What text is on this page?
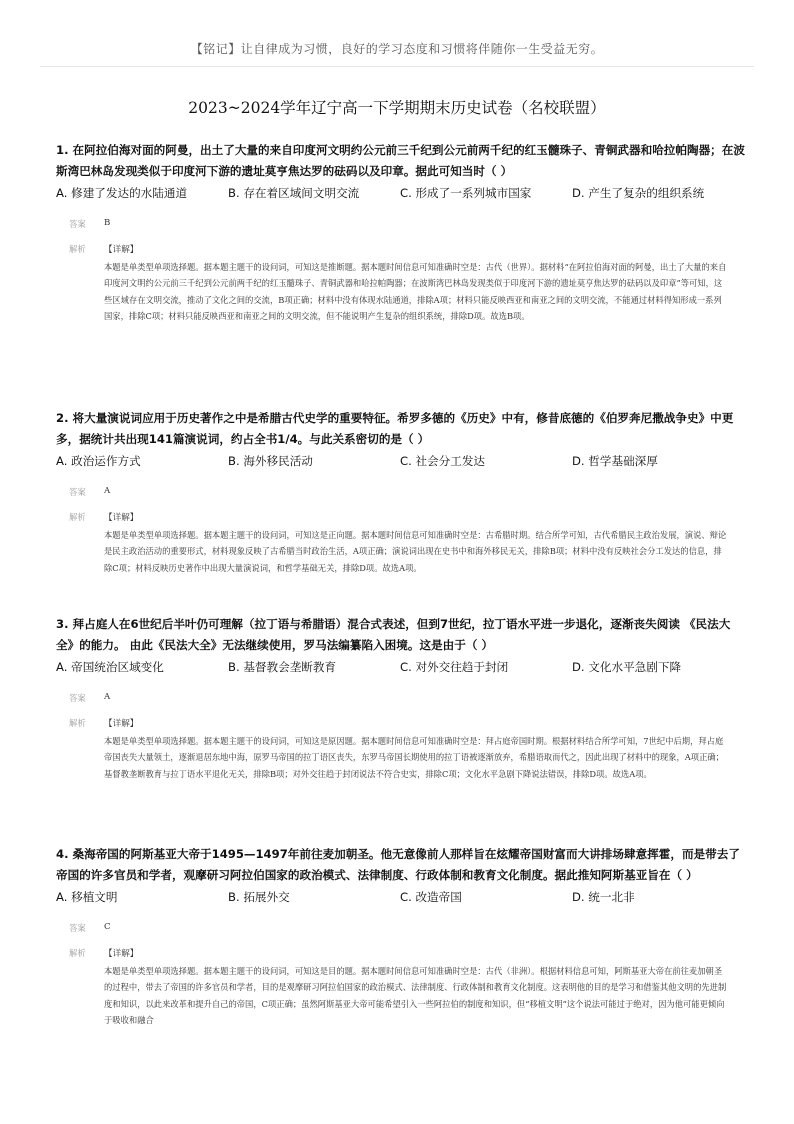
【铭记】让自律成为习惯，良好的学习态度和习惯将伴随你一生受益无穷。
2023~2024学年辽宁高一下学期期末历史试卷（名校联盟）
1. 在阿拉伯海对面的阿曼，出土了大量的来自印度河文明约公元前三千纪到公元前两千纪的红玉髓珠子、青铜武器和哈拉帕陶器；在波斯湾巴林岛发现类似于印度河下游的遗址莫亨焦达罗的砝码以及印章。据此可知当时（ ）
A. 修建了发达的水陆通道	B. 存在着区域间文明交流	C. 形成了一系列城市国家	D. 产生了复杂的组织系统
答案	B
解析	【详解】

本题是单类型单项选择题。据本题主题干的设问词，可知这是推断题。据本题时间信息可知准确时空是：古代（世界）。据材料“在阿拉伯海对面的阿曼，出土了大量的来自印度河文明约公元前三千纪到公元前两千纪的红玉髓珠子、青铜武器和哈拉帕陶器；在波斯湾巴林岛发现类似于印度河下游的遗址莫亨焦达罗的砝码以及印章”等可知，这些区域存在文明交流，推动了文化之间的交流，B项正确；材料中没有体现水陆通道，排除A项；材料只能反映西亚和南亚之间的文明交流，不能通过材料得知形成一系列国家，排除C项；材料只能反映西亚和南亚之间的文明交流，但不能说明产生复杂的组织系统，排除D项。故选B项。

2. 将大量演说词应用于历史著作之中是希腊古代史学的重要特征。希罗多德的《历史》中有，修昔底德的《伯罗奔尼撒战争史》中更多，据统计共出现141篇演说词，约占全书1/4。与此关系密切的是（ ）
A. 政治运作方式	B. 海外移民活动	C. 社会分工发达	D. 哲学基础深厚
答案	A
解析	【详解】

本题是单类型单项选择题。据本题主题干的设问词，可知这是正向题。据本题时间信息可知准确时空是：古希腊时期。结合所学可知，古代希腊民主政治发展，演说、辩论是民主政治活动的重要形式，材料现象反映了古希腊当时政治生活，A项正确；演说词出现在史书中和海外移民无关，排除B项；材料中没有反映社会分工发达的信息，排除C项；材料反映历史著作中出现大量演说词，和哲学基础无关，排除D项。故选A项。

3. 拜占庭人在6世纪后半叶仍可理解（拉丁语与希腊语）混合式表述，但到7世纪，拉丁语水平进一步退化，逐渐丧失阅读 《民法大全》的能力。 由此《民法大全》无法继续使用，罗马法编纂陷入困境。这是由于（ ）
A. 帝国统治区域变化	B. 基督教会垄断教育	C. 对外交往趋于封闭	D. 文化水平急剧下降
答案	A
解析	【详解】

本题是单类型单项选择题。据本题主题干的设问词，可知这是原因题。据本题时间信息可知准确时空是：拜占庭帝国时期。根据材料结合所学可知，7世纪中后期，拜占庭帝国丧失大量领土，逐渐退居东地中海，原罗马帝国的拉丁语区丧失，东罗马帝国长期使用的拉丁语被逐渐放弃，希腊语取而代之，因此出现了材料中的现象，A项正确；基督教垄断教育与拉丁语水平退化无关，排除B项；对外交往趋于封闭说法不符合史实，排除C项；文化水平急剧下降说法错误，排除D项。故选A项。

4. 桑海帝国的阿斯基亚大帝于1495—1497年前往麦加朝圣。他无意像前人那样旨在炫耀帝国财富而大讲排场肆意挥霍，而是带去了帝国的许多官员和学者，观摩研习阿拉伯国家的政治模式、法律制度、行政体制和教育文化制度。据此推知阿斯基亚旨在（ ）
A. 移植文明	B. 拓展外交	C. 改造帝国	D. 统一北非
答案	C
解析	【详解】

本题是单类型单项选择题。据本题主题干的设问词，可知这是目的题。据本题时间信息可知准确时空是：古代（非洲）。根据材料信息可知，阿斯基亚大帝在前往麦加朝圣的过程中，带去了帝国的许多官员和学者，目的是观摩研习阿拉伯国家的政治模式、法律制度、行政体制和教育文化制度。这表明他的目的是学习和借鉴其他文明的先进制度和知识，以此来改革和提升自己的帝国，C项正确；虽然阿斯基亚大帝可能希望引入一些阿拉伯的制度和知识，但“移植文明”这个说法可能过于绝对，因为他可能更倾向于吸收和融合
